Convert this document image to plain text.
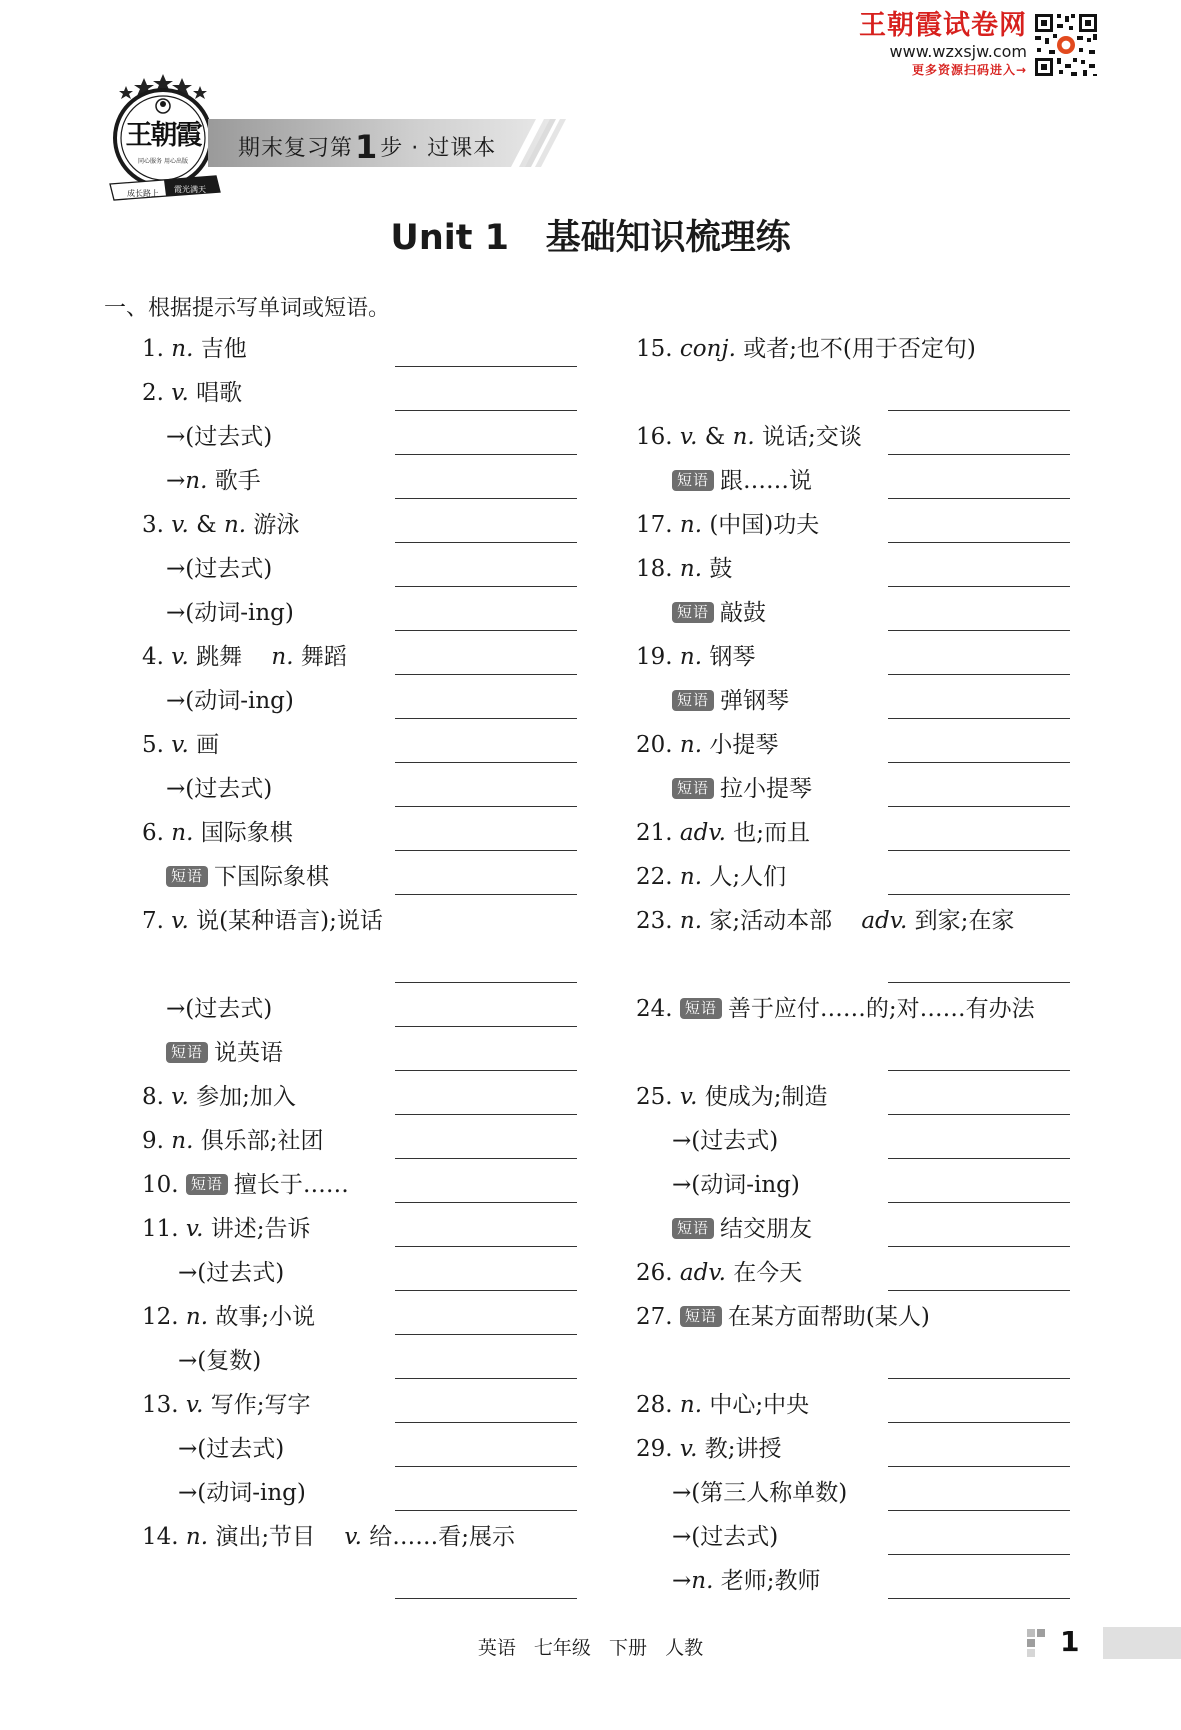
王朝霞试卷网
www.wzxsjw.com
更多资源扫码进入→
王朝霞
同心服务 用心出版
成长路上	霞光满天
期末复习第1步 · 过课本
Unit 1   基础知识梳理练
一、根据提示写单词或短语。
1. n. 吉他
2. v. 唱歌
→(过去式)
→n. 歌手
3. v. & n. 游泳
→(过去式)
→(动词-ing)
4. v. 跳舞 n. 舞蹈
→(动词-ing)
5. v. 画
→(过去式)
6. n. 国际象棋
短语 下国际象棋
7. v. 说(某种语言);说话
→(过去式)
短语 说英语
8. v. 参加;加入
9. n. 俱乐部;社团
10. 短语 擅长于……
11. v. 讲述;告诉
→(过去式)
12. n. 故事;小说
→(复数)
13. v. 写作;写字
→(过去式)
→(动词-ing)
14. n. 演出;节目 v. 给……看;展示
15. conj. 或者;也不(用于否定句)
16. v. & n. 说话;交谈
短语 跟……说
17. n. (中国)功夫
18. n. 鼓
短语 敲鼓
19. n. 钢琴
短语 弹钢琴
20. n. 小提琴
短语 拉小提琴
21. adv. 也;而且
22. n. 人;人们
23. n. 家;活动本部 adv. 到家;在家
24. 短语 善于应付……的;对……有办法
25. v. 使成为;制造
→(过去式)
→(动词-ing)
短语 结交朋友
26. adv. 在今天
27. 短语 在某方面帮助(某人)
28. n. 中心;中央
29. v. 教;讲授
→(第三人称单数)
→(过去式)
→n. 老师;教师
英语   七年级   下册   人教	1
